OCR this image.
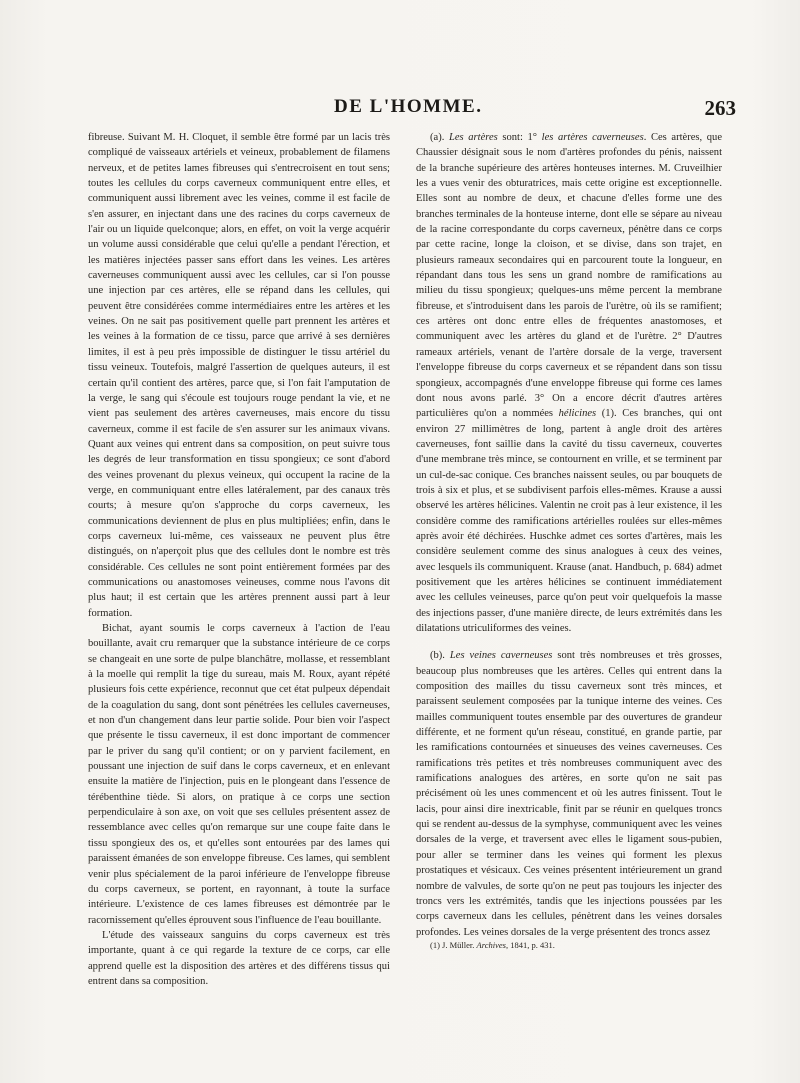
DE L'HOMME.	263

fibreuse. Suivant M. H. Cloquet, il semble être formé par un lacis très compliqué de vaisseaux artériels et veineux, probablement de filamens nerveux, et de petites lames fibreuses qui s'entrecroisent en tout sens; toutes les cellules du corps caverneux communiquent entre elles, et communiquent aussi librement avec les veines, comme il est facile de s'en assurer, en injectant dans une des racines du corps caverneux de l'air ou un liquide quelconque; alors, en effet, on voit la verge acquérir un volume aussi considérable que celui qu'elle a pendant l'érection, et les matières injectées passer sans effort dans les veines. Les artères caverneuses communiquent aussi avec les cellules, car si l'on pousse une injection par ces artères, elle se répand dans les cellules, qui peuvent être considérées comme intermédiaires entre les artères et les veines. On ne sait pas positivement quelle part prennent les artères et les veines à la formation de ce tissu, parce que arrivé à ses dernières limites, il est à peu près impossible de distinguer le tissu artériel du tissu veineux. Toutefois, malgré l'assertion de quelques auteurs, il est certain qu'il contient des artères, parce que, si l'on fait l'amputation de la verge, le sang qui s'écoule est toujours rouge pendant la vie, et ne vient pas seulement des artères caverneuses, mais encore du tissu caverneux, comme il est facile de s'en assurer sur les animaux vivans. Quant aux veines qui entrent dans sa composition, on peut suivre tous les degrés de leur transformation en tissu spongieux; ce sont d'abord des veines provenant du plexus veineux, qui occupent la racine de la verge, en communiquant entre elles latéralement, par des canaux très courts; à mesure qu'on s'approche du corps caverneux, les communications deviennent de plus en plus multipliées; enfin, dans le corps caverneux lui-même, ces vaisseaux ne peuvent plus être distingués, on n'aperçoit plus que des cellules dont le nombre est très considérable. Ces cellules ne sont point entièrement formées par des communications ou anastomoses veineuses, comme nous l'avons dit plus haut; il est certain que les artères prennent aussi part à leur formation.

Bichat, ayant soumis le corps caverneux à l'action de l'eau bouillante, avait cru remarquer que la substance intérieure de ce corps se changeait en une sorte de pulpe blanchâtre, mollasse, et ressemblant à la moelle qui remplit la tige du sureau, mais M. Roux, ayant répété plusieurs fois cette expérience, reconnut que cet état pulpeux dépendait de la coagulation du sang, dont sont pénétrées les cellules caverneuses, et non d'un changement dans leur partie solide. Pour bien voir l'aspect que présente le tissu caverneux, il est donc important de commencer par le priver du sang qu'il contient; or on y parvient facilement, en poussant une injection de suif dans le corps caverneux, et en enlevant ensuite la matière de l'injection, puis en le plongeant dans l'essence de térébenthine tiède. Si alors, on pratique à ce corps une section perpendiculaire à son axe, on voit que ses cellules présentent assez de ressemblance avec celles qu'on remarque sur une coupe faite dans le tissu spongieux des os, et qu'elles sont entourées par des lames qui paraissent émanées de son enveloppe fibreuse. Ces lames, qui semblent venir plus spécialement de la paroi inférieure de l'enveloppe fibreuse du corps caverneux, se portent, en rayonnant, à toute la surface intérieure. L'existence de ces lames fibreuses est démontrée par le racornissement qu'elles éprouvent sous l'influence de l'eau bouillante.

L'étude des vaisseaux sanguins du corps caverneux est très importante, quant à ce qui regarde la texture de ce corps, car elle apprend quelle est la disposition des artères et des différens tissus qui entrent dans sa composition.

(a). Les artères sont: 1° les artères caverneuses. Ces artères, que Chaussier désignait sous le nom d'artères profondes du pénis, naissent de la branche supérieure des artères honteuses internes. M. Cruveilhier les a vues venir des obturatrices, mais cette origine est exceptionnelle. Elles sont au nombre de deux, et chacune d'elles forme une des branches terminales de la honteuse interne, dont elle se sépare au niveau de la racine correspondante du corps caverneux, pénètre dans ce corps par cette racine, longe la cloison, et se divise, dans son trajet, en plusieurs rameaux secondaires qui en parcourent toute la longueur, en répandant dans tous les sens un grand nombre de ramifications au milieu du tissu spongieux; quelques-uns même percent la membrane fibreuse, et s'introduisent dans les parois de l'urètre, où ils se ramifient; ces artères ont donc entre elles de fréquentes anastomoses, et communiquent avec les artères du gland et de l'urètre. 2° D'autres rameaux artériels, venant de l'artère dorsale de la verge, traversent l'enveloppe fibreuse du corps caverneux et se répandent dans son tissu spongieux, accompagnés d'une enveloppe fibreuse qui forme ces lames dont nous avons parlé. 3° On a encore décrit d'autres artères particulières qu'on a nommées hélicines (1). Ces branches, qui ont environ 27 millimètres de long, partent à angle droit des artères caverneuses, font saillie dans la cavité du tissu caverneux, couvertes d'une membrane très mince, se contournent en vrille, et se terminent par un cul-de-sac conique. Ces branches naissent seules, ou par bouquets de trois à six et plus, et se subdivisent parfois elles-mêmes. Krause a aussi observé les artères hélicines. Valentin ne croit pas à leur existence, il les considère comme des ramifications artérielles roulées sur elles-mêmes après avoir été déchirées. Huschke admet ces sortes d'artères, mais les considère seulement comme des sinus analogues à ceux des veines, avec lesquels ils communiquent. Krause (anat. Handbuch, p. 684) admet positivement que les artères hélicines se continuent immédiatement avec les cellules veineuses, parce qu'on peut voir quelquefois la masse des injections passer, d'une manière directe, de leurs extrémités dans les dilatations utriculiformes des veines.

(b). Les veines caverneuses sont très nombreuses et très grosses, beaucoup plus nombreuses que les artères. Celles qui entrent dans la composition des mailles du tissu caverneux sont très minces, et paraissent seulement composées par la tunique interne des veines. Ces mailles communiquent toutes ensemble par des ouvertures de grandeur différente, et ne forment qu'un réseau, constitué, en grande partie, par les ramifications contournées et sinueuses des veines caverneuses. Ces ramifications très petites et très nombreuses communiquent avec des ramifications analogues des artères, en sorte qu'on ne sait pas précisément où les unes commencent et où les autres finissent. Tout le lacis, pour ainsi dire inextricable, finit par se réunir en quelques troncs qui se rendent au-dessus de la symphyse, communiquent avec les veines dorsales de la verge, et traversent avec elles le ligament sous-pubien, pour aller se terminer dans les veines qui forment les plexus prostatiques et vésicaux. Ces veines présentent intérieurement un grand nombre de valvules, de sorte qu'on ne peut pas toujours les injecter des troncs vers les extrémités, tandis que les injections poussées par les corps caverneux dans les cellules, pénètrent dans les veines dorsales profondes. Les veines dorsales de la verge présentent des troncs assez

(1) J. Müller. Archives, 1841, p. 431.
